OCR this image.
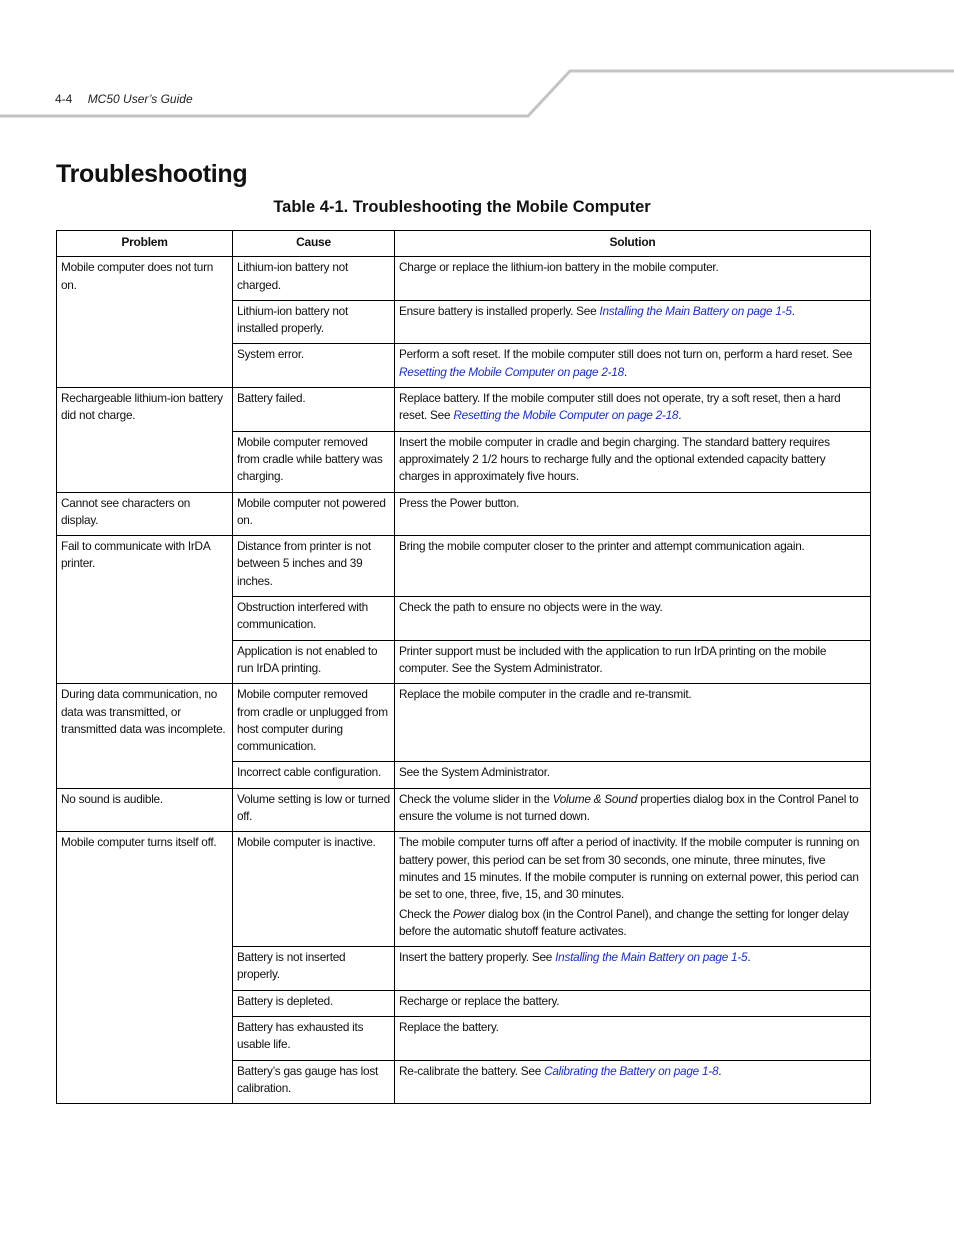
4-4 MC50 User’s Guide
Troubleshooting
Table 4-1. Troubleshooting the Mobile Computer
Problem	Cause	Solution
Mobile computer does not turn on.	Lithium-ion battery not charged.	Charge or replace the lithium-ion battery in the mobile computer.

	Lithium-ion battery not installed properly.	Ensure battery is installed properly. See Installing the Main Battery on page 1-5.

	System error.	Perform a soft reset. If the mobile computer still does not turn on, perform a hard reset. See Resetting the Mobile Computer on page 2-18.

Rechargeable lithium-ion battery did not charge.	Battery failed.	Replace battery. If the mobile computer still does not operate, try a soft reset, then a hard reset. See Resetting the Mobile Computer on page 2-18.

	Mobile computer removed from cradle while battery was charging.	Insert the mobile computer in cradle and begin charging. The standard battery requires approximately 2 1/2 hours to recharge fully and the optional extended capacity battery charges in approximately five hours.

Cannot see characters on display.	Mobile computer not powered on.	Press the Power button.

Fail to communicate with IrDA printer.	Distance from printer is not between 5 inches and 39 inches.	Bring the mobile computer closer to the printer and attempt communication again.

	Obstruction interfered with communication.	Check the path to ensure no objects were in the way.

	Application is not enabled to run IrDA printing.	Printer support must be included with the application to run IrDA printing on the mobile computer. See the System Administrator.

During data communication, no data was transmitted, or transmitted data was incomplete.	Mobile computer removed from cradle or unplugged from host computer during communication.	Replace the mobile computer in the cradle and re-transmit.

	Incorrect cable configuration.	See the System Administrator.

No sound is audible.	Volume setting is low or turned off.	Check the volume slider in the Volume & Sound properties dialog box in the Control Panel to ensure the volume is not turned down.

Mobile computer turns itself off.	Mobile computer is inactive.	The mobile computer turns off after a period of inactivity. If the mobile computer is running on battery power, this period can be set from 30 seconds, one minute, three minutes, five minutes and 15 minutes. If the mobile computer is running on external power, this period can be set to one, three, five, 15, and 30 minutes.

Check the Power dialog box (in the Control Panel), and change the setting for longer delay before the automatic shutoff feature activates.

	Battery is not inserted properly.	Insert the battery properly. See Installing the Main Battery on page 1-5.

	Battery is depleted.	Recharge or replace the battery.

	Battery has exhausted its usable life.	Replace the battery.

	Battery’s gas gauge has lost calibration.	Re-calibrate the battery. See Calibrating the Battery on page 1-8.
